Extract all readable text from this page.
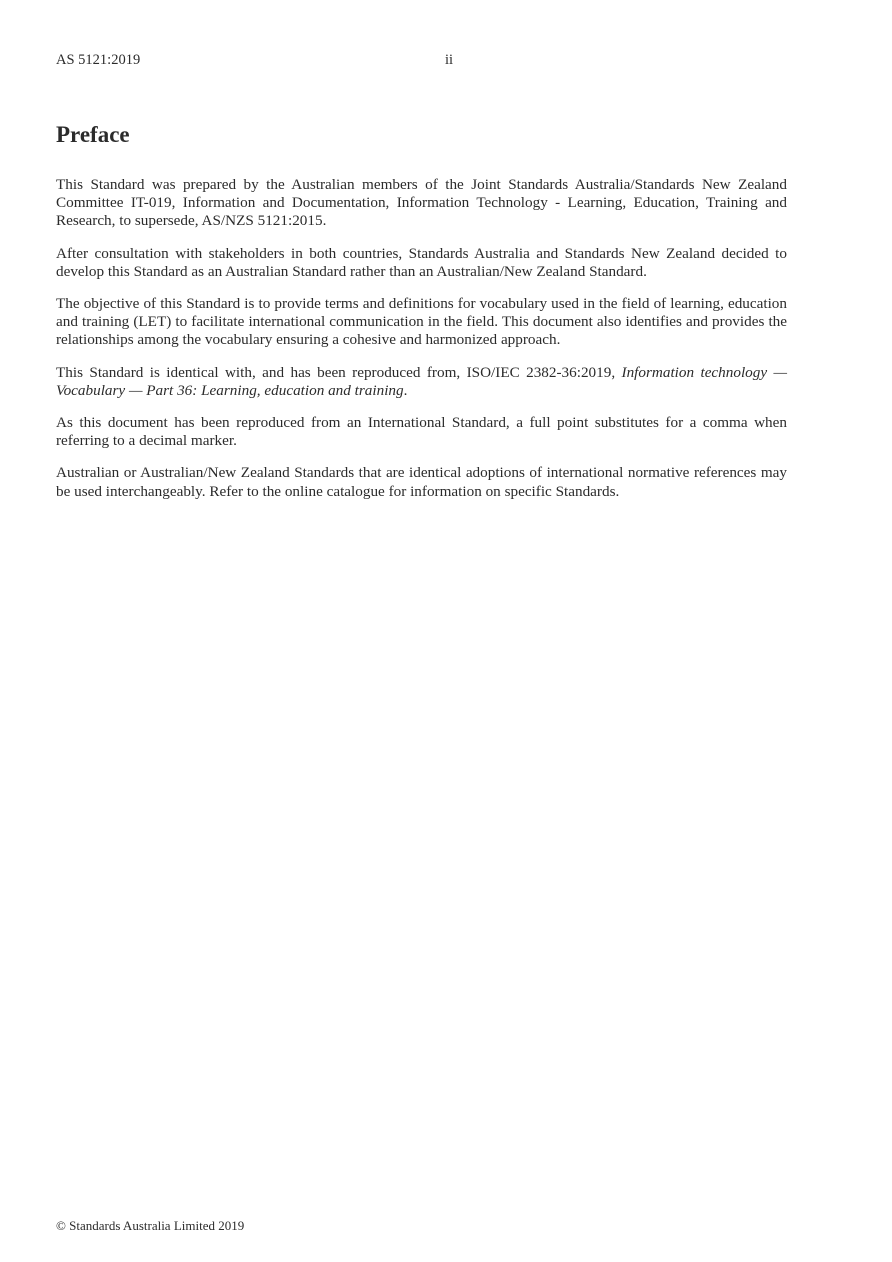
AS 5121:2019	ii
Preface

This Standard was prepared by the Australian members of the Joint Standards Australia/Standards New Zealand Committee IT-019, Information and Documentation, Information Technology - Learning, Education, Training and Research, to supersede, AS/NZS 5121:2015.

After consultation with stakeholders in both countries, Standards Australia and Standards New Zealand decided to develop this Standard as an Australian Standard rather than an Australian/New Zealand Standard.

The objective of this Standard is to provide terms and definitions for vocabulary used in the field of learning, education and training (LET) to facilitate international communication in the field. This document also identifies and provides the relationships among the vocabulary ensuring a cohesive and harmonized approach.

This Standard is identical with, and has been reproduced from, ISO/IEC 2382-36:2019, Information technology — Vocabulary — Part 36: Learning, education and training.

As this document has been reproduced from an International Standard, a full point substitutes for a comma when referring to a decimal marker.

Australian or Australian/New Zealand Standards that are identical adoptions of international normative references may be used interchangeably. Refer to the online catalogue for information on specific Standards.

© Standards Australia Limited 2019
